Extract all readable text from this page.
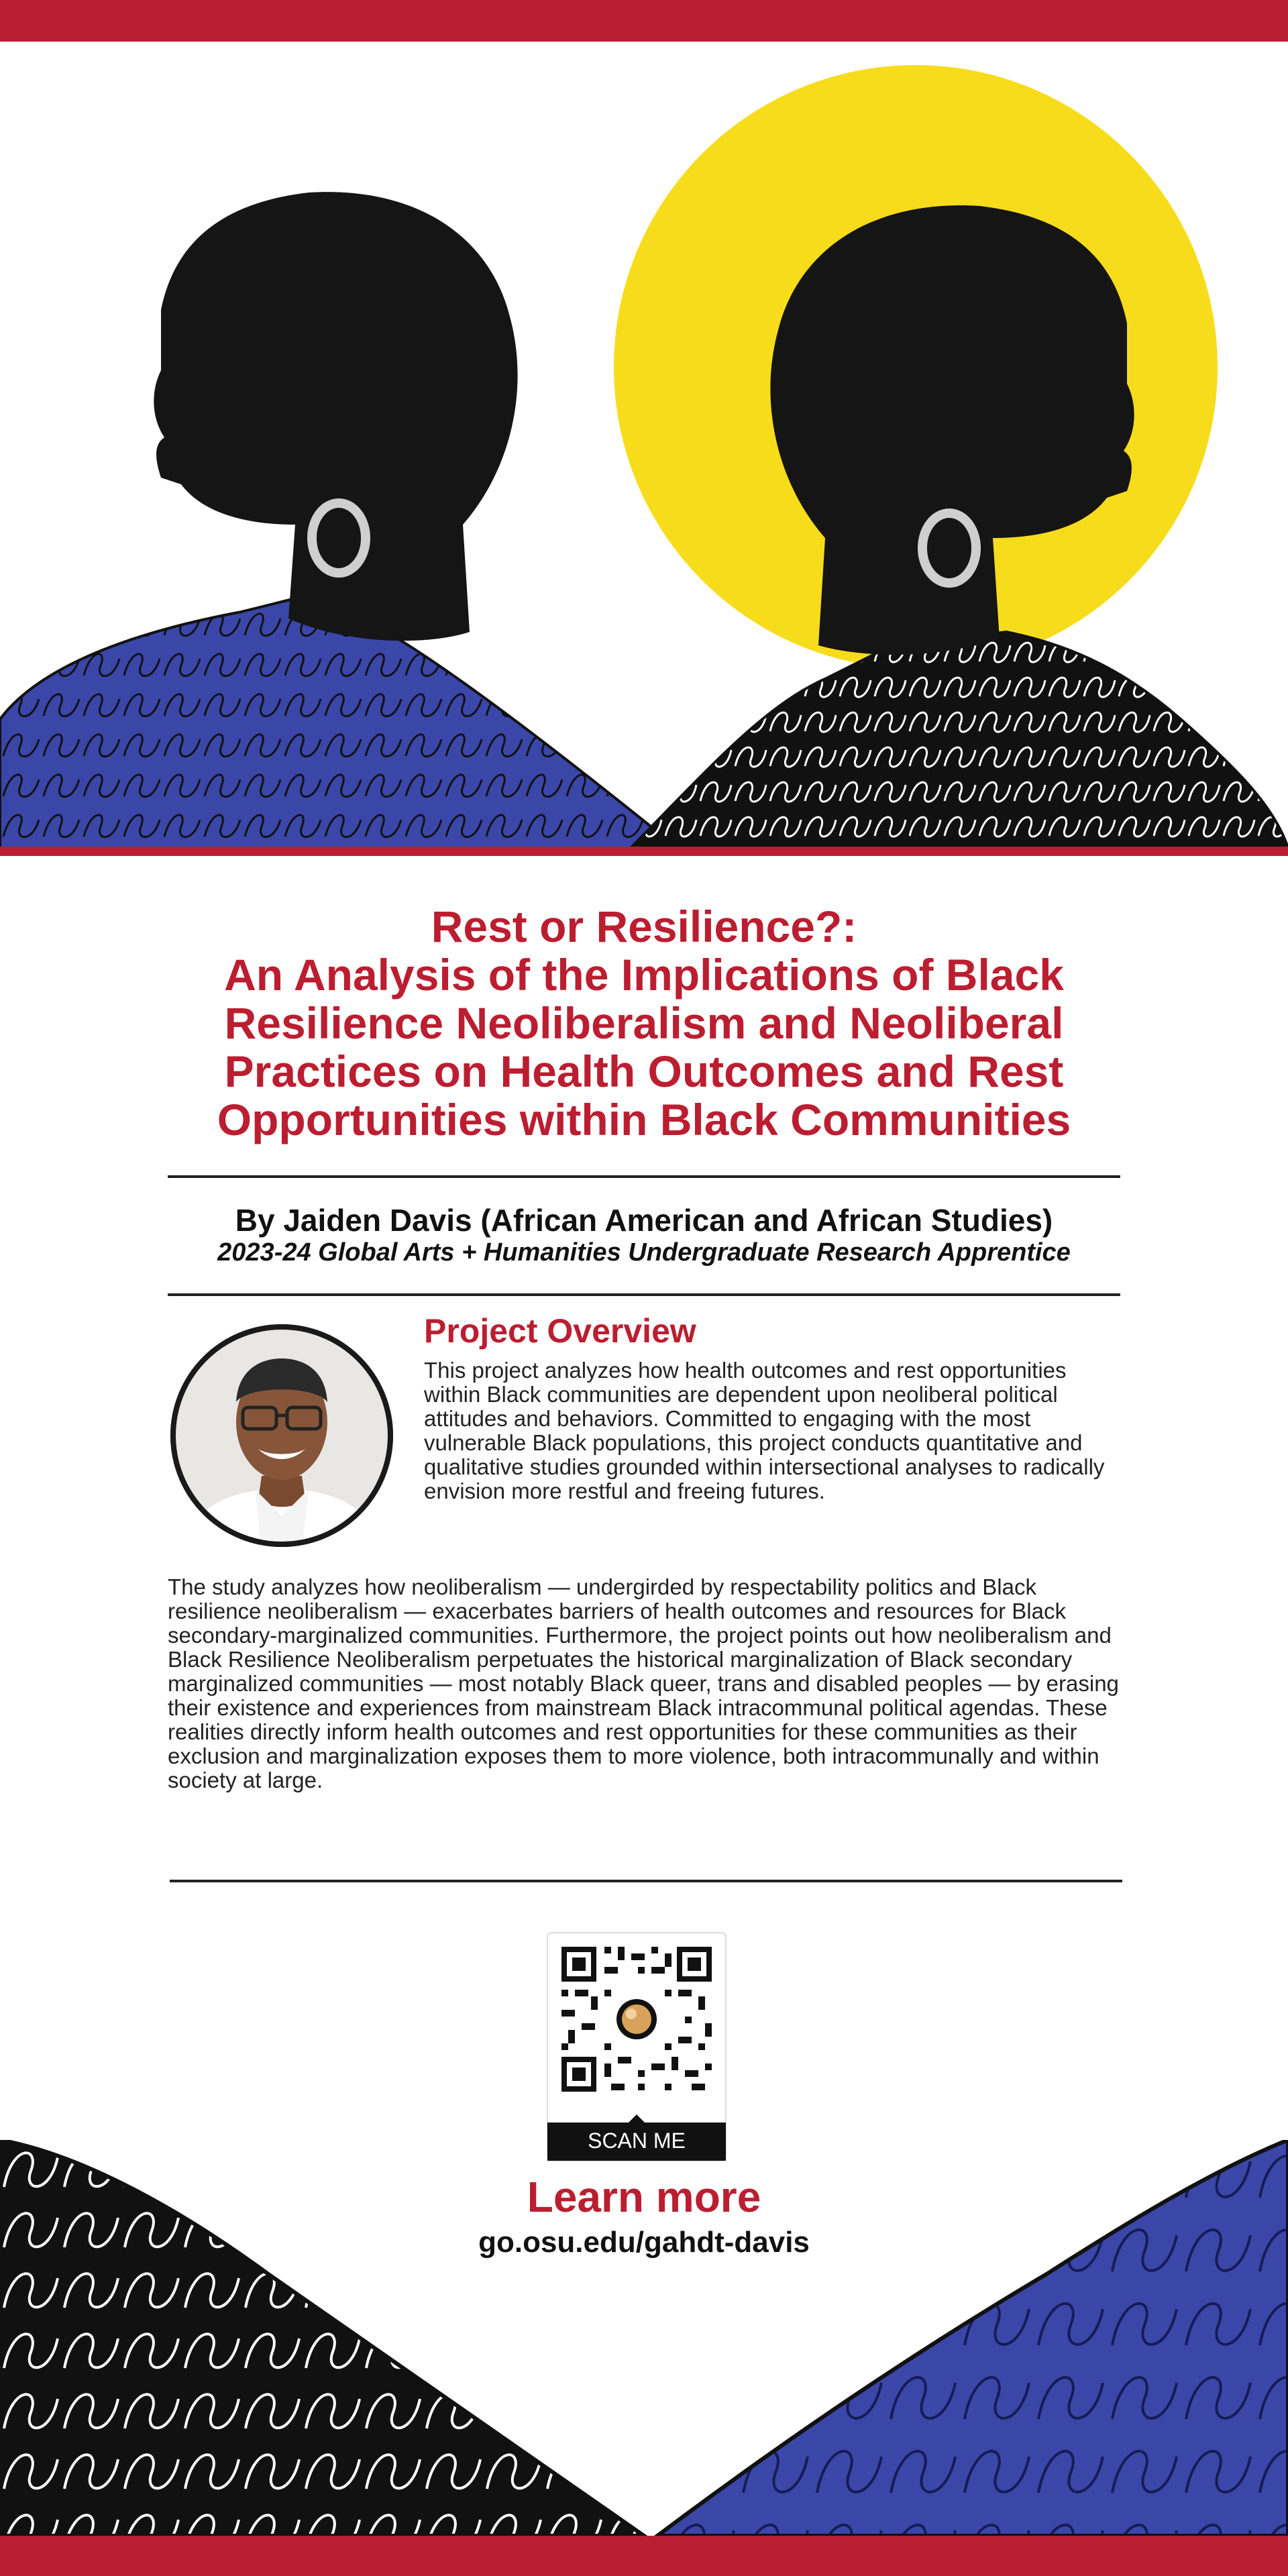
Rest or Resilience?:
An Analysis of the Implications of Black
Resilience Neoliberalism and Neoliberal
Practices on Health Outcomes and Rest
Opportunities within Black Communities
By Jaiden Davis (African American and African Studies)
2023-24 Global Arts + Humanities Undergraduate Research Apprentice
Project Overview

This project analyzes how health outcomes and rest opportunities within Black communities are dependent upon neoliberal political attitudes and behaviors. Committed to engaging with the most vulnerable Black populations, this project conducts quantitative and qualitative studies grounded within intersectional analyses to radically envision more restful and freeing futures.

The study analyzes how neoliberalism — undergirded by respectability politics and Black resilience neoliberalism — exacerbates barriers of health outcomes and resources for Black secondary-marginalized communities. Furthermore, the project points out how neoliberalism and Black Resilience Neoliberalism perpetuates the historical marginalization of Black secondary marginalized communities — most notably Black queer, trans and disabled peoples — by erasing their existence and experiences from mainstream Black intracommunal political agendas. These realities directly inform health outcomes and rest opportunities for these communities as their exclusion and marginalization exposes them to more violence, both intracommunally and within society at large.

SCAN ME
Learn more
go.osu.edu/gahdt-davis
